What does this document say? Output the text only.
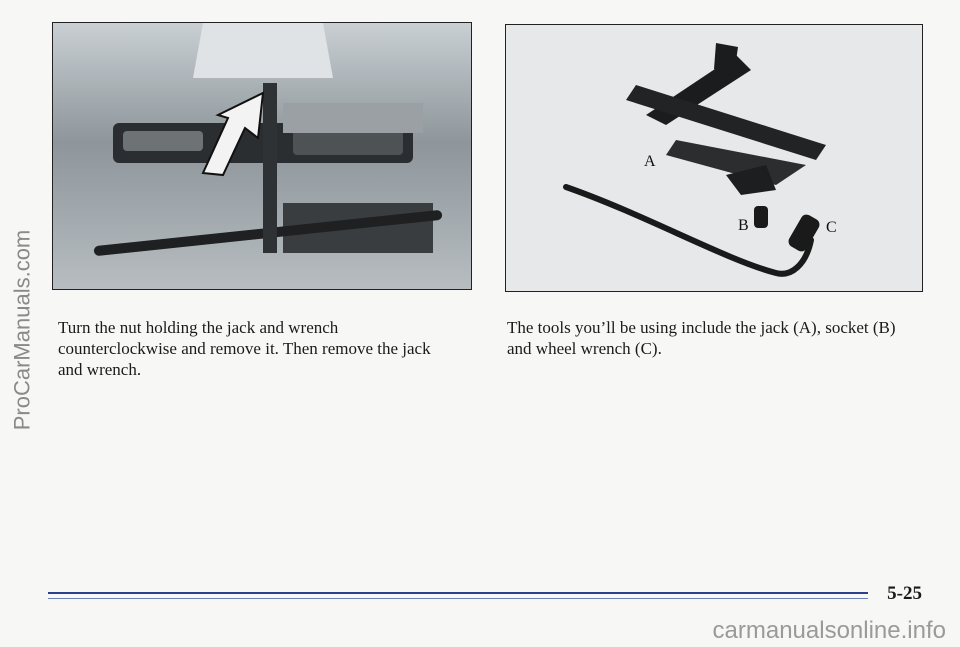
ProCarManuals.com
A
B	C

Turn the nut holding the jack and wrench counterclockwise and remove it. Then remove the jack and wrench.

The tools you’ll be using include the jack (A), socket (B) and wheel wrench (C).

5-25
carmanualsonline.info
